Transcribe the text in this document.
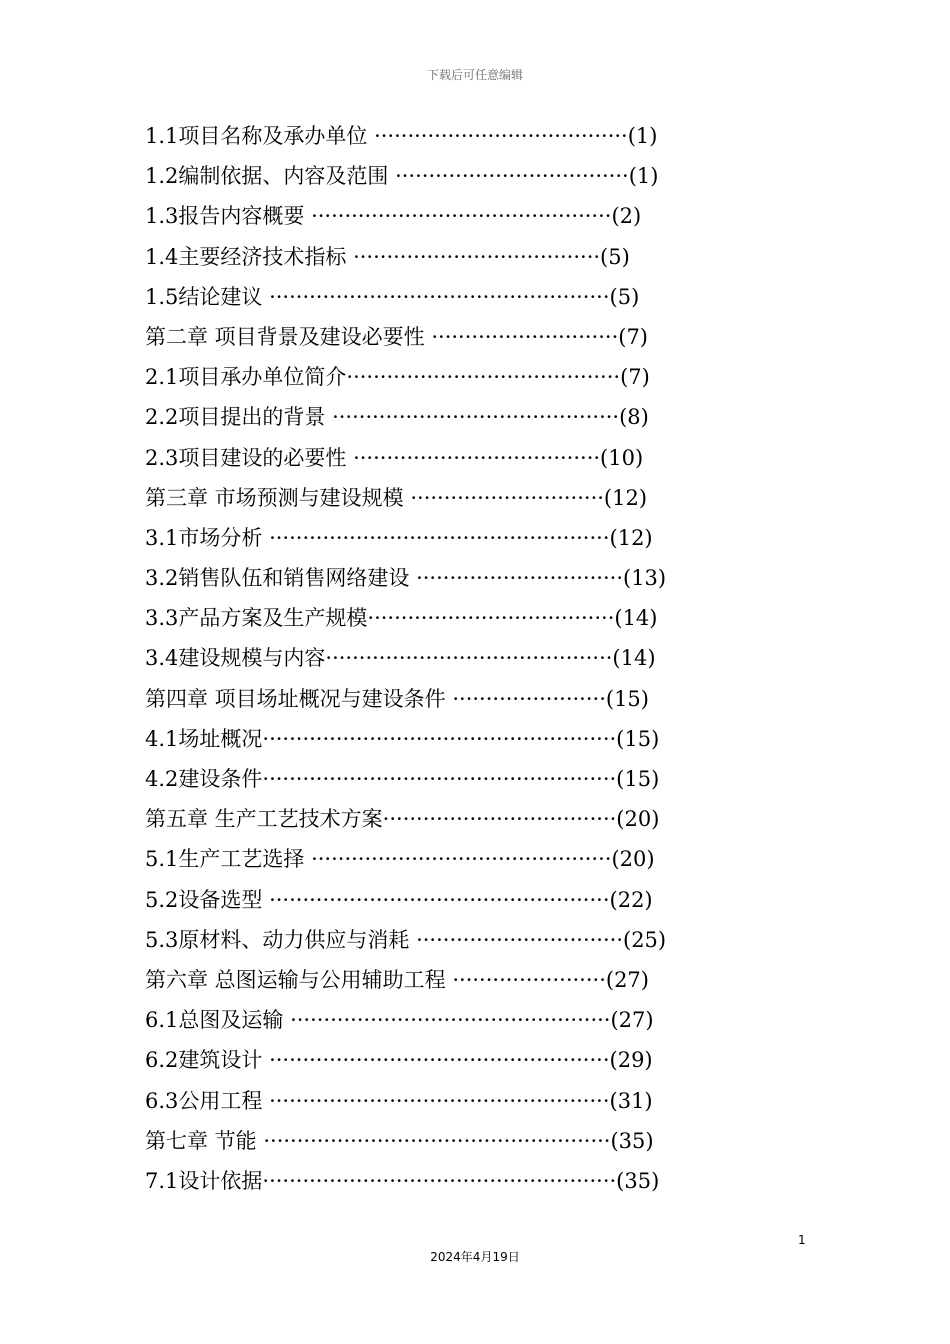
下载后可任意编辑
1.1项目名称及承办单位 ······································(1)
1.2编制依据、内容及范围 ···································(1)
1.3报告内容概要 ·············································(2)
1.4主要经济技术指标 ·····································(5)
1.5结论建议 ···················································(5)
第二章 项目背景及建设必要性 ····························(7)
2.1项目承办单位简介·········································(7)
2.2项目提出的背景 ···········································(8)
2.3项目建设的必要性 ·····································(10)
第三章 市场预测与建设规模 ·····························(12)
3.1市场分析 ···················································(12)
3.2销售队伍和销售网络建设 ·······························(13)
3.3产品方案及生产规模·····································(14)
3.4建设规模与内容···········································(14)
第四章 项目场址概况与建设条件 ·······················(15)
4.1场址概况·····················································(15)
4.2建设条件·····················································(15)
第五章 生产工艺技术方案···································(20)
5.1生产工艺选择 ·············································(20)
5.2设备选型 ···················································(22)
5.3原材料、动力供应与消耗 ·······························(25)
第六章 总图运输与公用辅助工程 ·······················(27)
6.1总图及运输 ················································(27)
6.2建筑设计 ···················································(29)
6.3公用工程 ···················································(31)
第七章 节能 ····················································(35)
7.1设计依据·····················································(35)
1
2024年4月19日
